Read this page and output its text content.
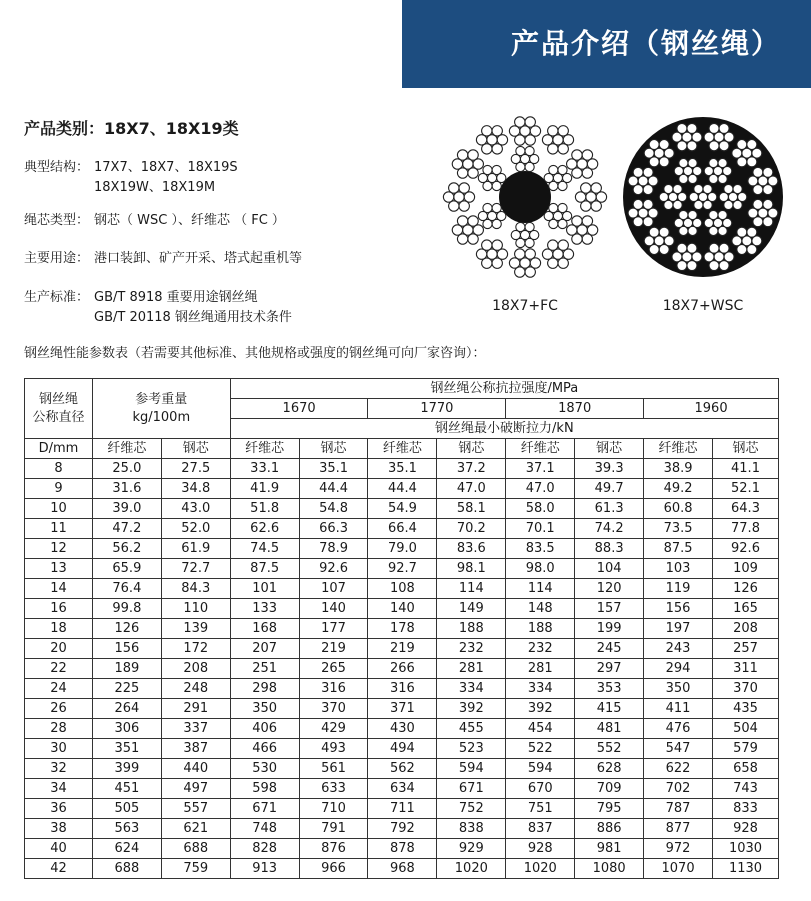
产品介绍（钢丝绳）
产品类别：18X7、18X19类
典型结构： 17X7、18X7、18X19S
18X19W、18X19M
绳芯类型： 钢芯（ WSC ）、纤维芯 （ FC ）
主要用途： 港口装卸、矿产开采、塔式起重机等
生产标准： GB/T 8918 重要用途钢丝绳
GB/T 20118 钢丝绳通用技术条件
18X7+FC	18X7+WSC
钢丝绳性能参数表（若需要其他标准、其他规格或强度的钢丝绳可向厂家咨询）：
钢丝绳
公称直径	参考重量
kg/100m		钢丝绳公称抗拉强度/MPa							
			1670		1770		1870		1960	
			钢丝绳最小破断拉力/kN							
D/mm	纤维芯	钢芯	纤维芯	钢芯	纤维芯	钢芯	纤维芯	钢芯	纤维芯	钢芯
8	25.0	27.5	33.1	35.1	35.1	37.2	37.1	39.3	38.9	41.1
9	31.6	34.8	41.9	44.4	44.4	47.0	47.0	49.7	49.2	52.1
10	39.0	43.0	51.8	54.8	54.9	58.1	58.0	61.3	60.8	64.3
11	47.2	52.0	62.6	66.3	66.4	70.2	70.1	74.2	73.5	77.8
12	56.2	61.9	74.5	78.9	79.0	83.6	83.5	88.3	87.5	92.6
13	65.9	72.7	87.5	92.6	92.7	98.1	98.0	104	103	109
14	76.4	84.3	101	107	108	114	114	120	119	126
16	99.8	110	133	140	140	149	148	157	156	165
18	126	139	168	177	178	188	188	199	197	208
20	156	172	207	219	219	232	232	245	243	257
22	189	208	251	265	266	281	281	297	294	311
24	225	248	298	316	316	334	334	353	350	370
26	264	291	350	370	371	392	392	415	411	435
28	306	337	406	429	430	455	454	481	476	504
30	351	387	466	493	494	523	522	552	547	579
32	399	440	530	561	562	594	594	628	622	658
34	451	497	598	633	634	671	670	709	702	743
36	505	557	671	710	711	752	751	795	787	833
38	563	621	748	791	792	838	837	886	877	928
40	624	688	828	876	878	929	928	981	972	1030
42	688	759	913	966	968	1020	1020	1080	1070	1130
